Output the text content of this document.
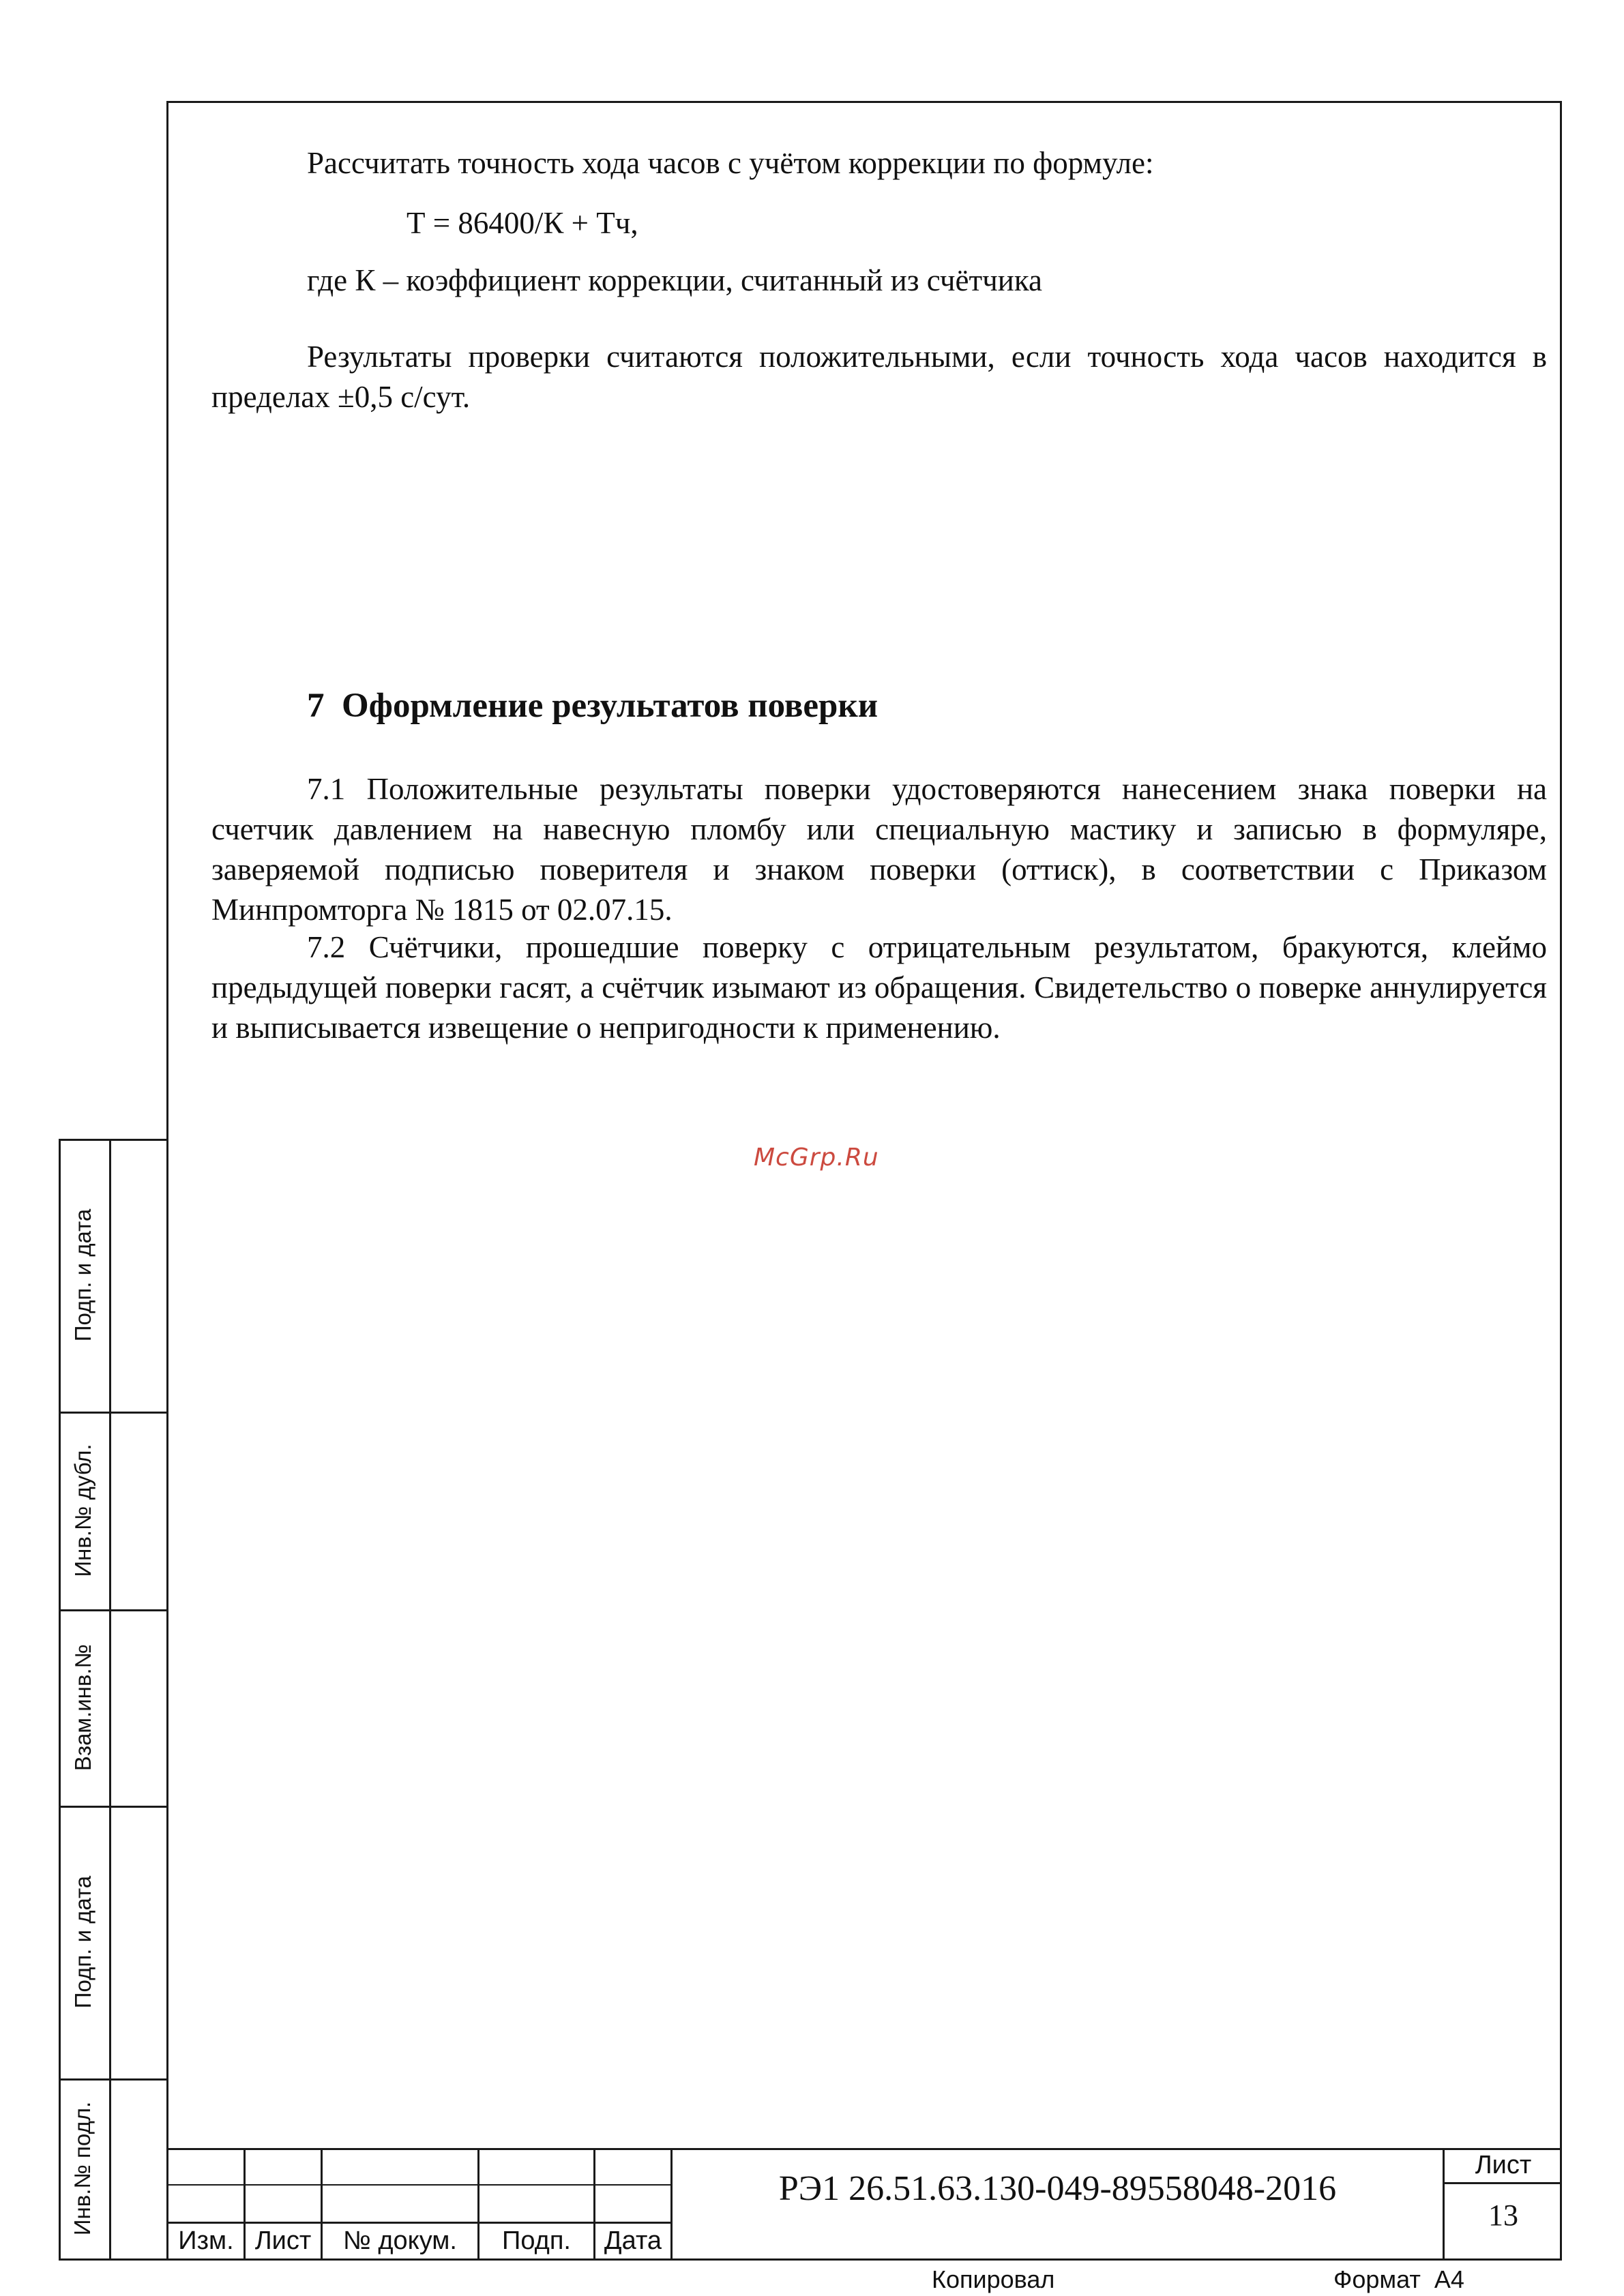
Рассчитать точность хода часов с учётом коррекции по формуле:
Т = 86400/К + Тч,
где К – коэффициент коррекции, считанный из счётчика
Результаты проверки считаются положительными, если точность хода часов находится в пределах ±0,5 с/сут.
7  Оформление результатов поверки
7.1 Положительные результаты поверки удостоверяются нанесением знака поверки на счетчик давлением на навесную пломбу или специальную мастику и записью в формуляре, заверяемой подписью поверителя и знаком поверки (оттиск), в соответствии с Приказом Минпромторга № 1815 от 02.07.15.
7.2 Счётчики, прошедшие поверку с отрицательным результатом, бракуются, клеймо предыдущей поверки гасят, а счётчик изымают из обращения. Свидетельство о поверке аннулируется и выписывается извещение о непригодности к применению.
McGrp.Ru
Подп. и дата
Инв.№ дубл.
Взам.инв.№
Подп. и дата
Инв.№ подл.
Изм. Лист	№ докум.	Подп.	Дата
РЭ1 26.51.63.130-049-89558048-2016
Лист
13
Копировал	Формат  А4
